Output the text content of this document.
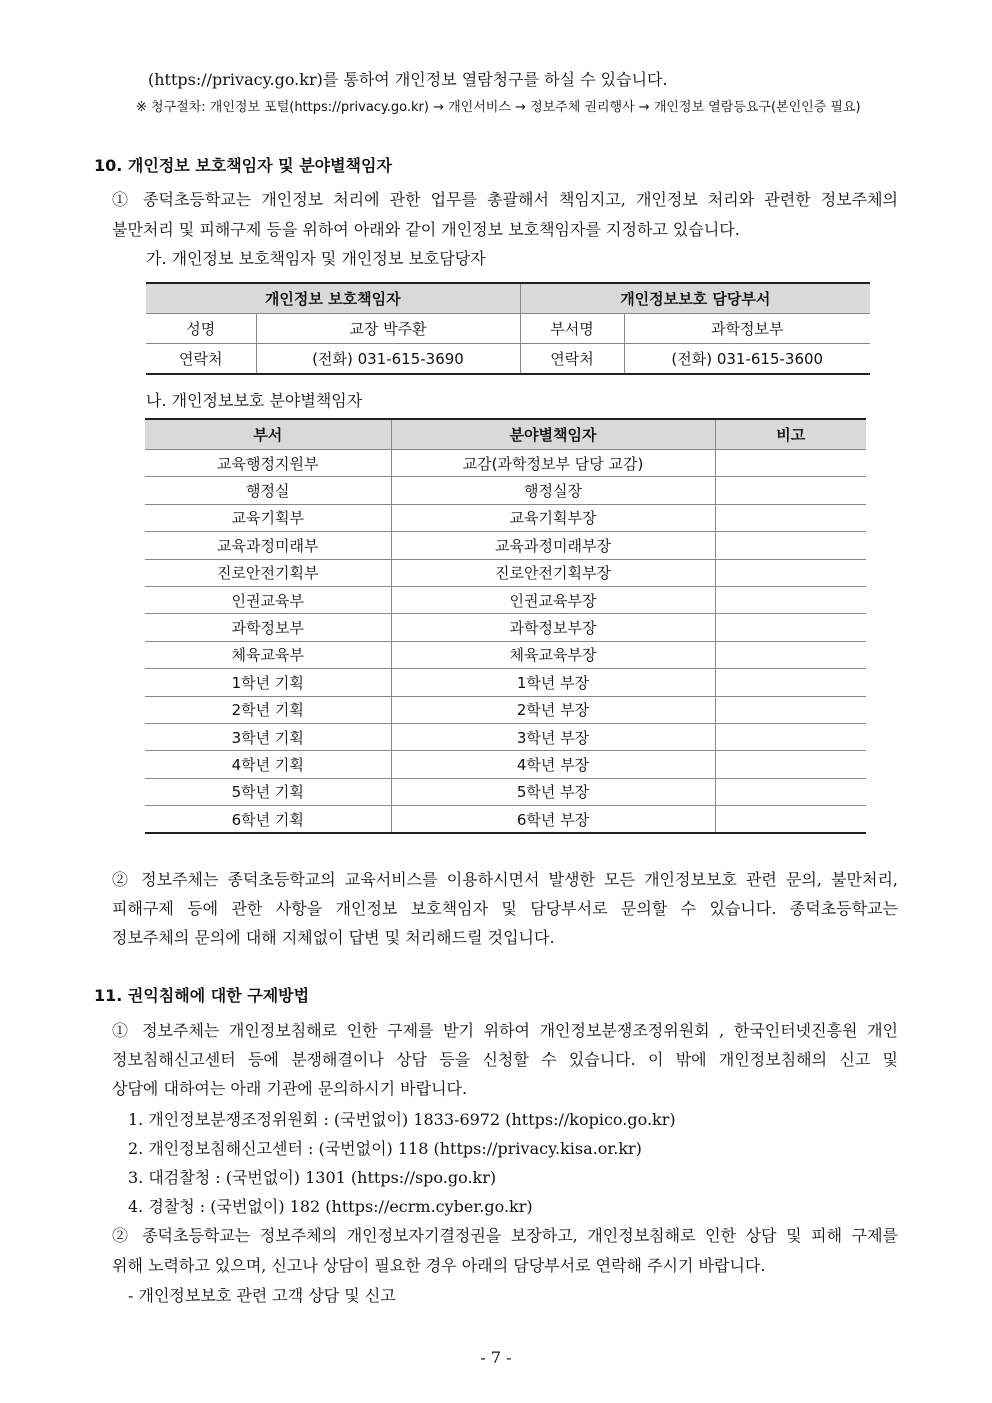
(https://privacy.go.kr)를 통하여 개인정보 열람청구를 하실 수 있습니다.
※ 청구절차: 개인정보 포털(https://privacy.go.kr) → 개인서비스 → 정보주체 권리행사 → 개인정보 열람등요구(본인인증 필요)
10. 개인정보 보호책임자 및 분야별책임자
① 종덕초등학교는 개인정보 처리에 관한 업무를 총괄해서 책임지고, 개인정보 처리와 관련한 정보주체의
불만처리 및 피해구제 등을 위하여 아래와 같이 개인정보 보호책임자를 지정하고 있습니다.
가. 개인정보 보호책임자 및 개인정보 보호담당자
개인정보 보호책임자		개인정보보호 담당부서	
성명	교장 박주환	부서명	과학정보부
연락처	(전화) 031-615-3690	연락처	(전화) 031-615-3600
나. 개인정보보호 분야별책임자
부서	분야별책임자	비고
교육행정지원부	교감(과학정보부 담당 교감)	
행정실	행정실장	
교육기획부	교육기획부장	
교육과정미래부	교육과정미래부장	
진로안전기획부	진로안전기획부장	
인권교육부	인권교육부장	
과학정보부	과학정보부장	
체육교육부	체육교육부장	
1학년 기획	1학년 부장	
2학년 기획	2학년 부장	
3학년 기획	3학년 부장	
4학년 기획	4학년 부장	
5학년 기획	5학년 부장	
6학년 기획	6학년 부장	
② 정보주체는 종덕초등학교의 교육서비스를 이용하시면서 발생한 모든 개인정보보호 관련 문의, 불만처리,
피해구제 등에 관한 사항을 개인정보 보호책임자 및 담당부서로 문의할 수 있습니다. 종덕초등학교는
정보주체의 문의에 대해 지체없이 답변 및 처리해드릴 것입니다.
11. 권익침해에 대한 구제방법
① 정보주체는 개인정보침해로 인한 구제를 받기 위하여 개인정보분쟁조정위원회 , 한국인터넷진흥원 개인
정보침해신고센터 등에 분쟁해결이나 상담 등을 신청할 수 있습니다. 이 밖에 개인정보침해의 신고 및
상담에 대하여는 아래 기관에 문의하시기 바랍니다.
1. 개인정보분쟁조정위원회 : (국번없이) 1833-6972 (https://kopico.go.kr)
2. 개인정보침해신고센터 : (국번없이) 118 (https://privacy.kisa.or.kr)
3. 대검찰청 : (국번없이) 1301 (https://spo.go.kr)
4. 경찰청 : (국번없이) 182 (https://ecrm.cyber.go.kr)
② 종덕초등학교는 정보주체의 개인정보자기결정권을 보장하고, 개인정보침해로 인한 상담 및 피해 구제를
위해 노력하고 있으며, 신고나 상담이 필요한 경우 아래의 담당부서로 연락해 주시기 바랍니다.
- 개인정보보호 관련 고객 상담 및 신고
- 7 -
